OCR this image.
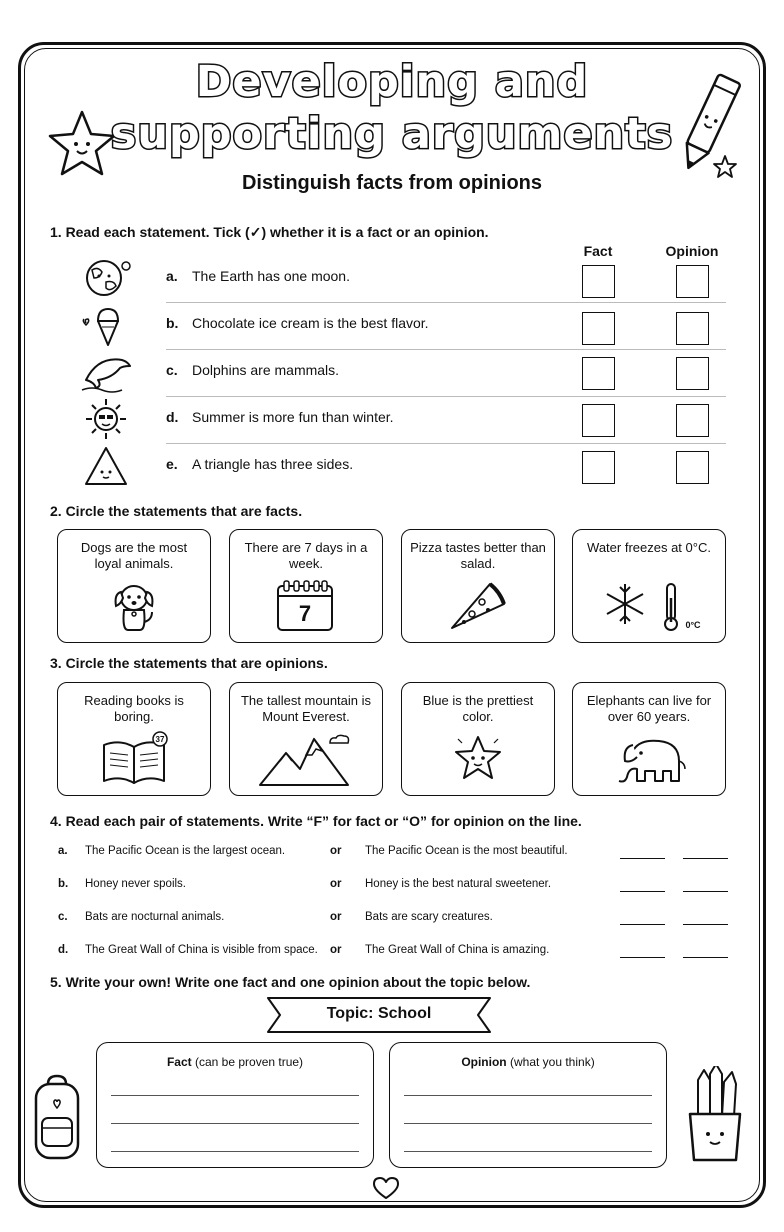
Developing and
supporting arguments
Distinguish facts from opinions
1. Read each statement. Tick (✓) whether it is a fact or an opinion.
Fact	Opinion
a. The Earth has one moon.
b. Chocolate ice cream is the best flavor.
c. Dolphins are mammals.
d. Summer is more fun than winter.
e. A triangle has three sides.
2. Circle the statements that are facts.
Dogs are the most loyal animals.
There are 7 days in a week.
7
Pizza tastes better than salad.
Water freezes at 0°C.
0°C
3. Circle the statements that are opinions.
Reading books is boring.
37
The tallest mountain is Mount Everest.
Blue is the prettiest color.
Elephants can live for over 60 years.
4. Read each pair of statements. Write “F” for fact or “O” for opinion on the line.
a. The Pacific Ocean is the largest ocean.	or The Pacific Ocean is the most beautiful.
b. Honey never spoils.	or Honey is the best natural sweetener.
c. Bats are nocturnal animals.	or Bats are scary creatures.
d. The Great Wall of China is visible from space. or The Great Wall of China is amazing.
5. Write your own! Write one fact and one opinion about the topic below.
Topic: School
Fact (can be proven true)	Opinion (what you think)
